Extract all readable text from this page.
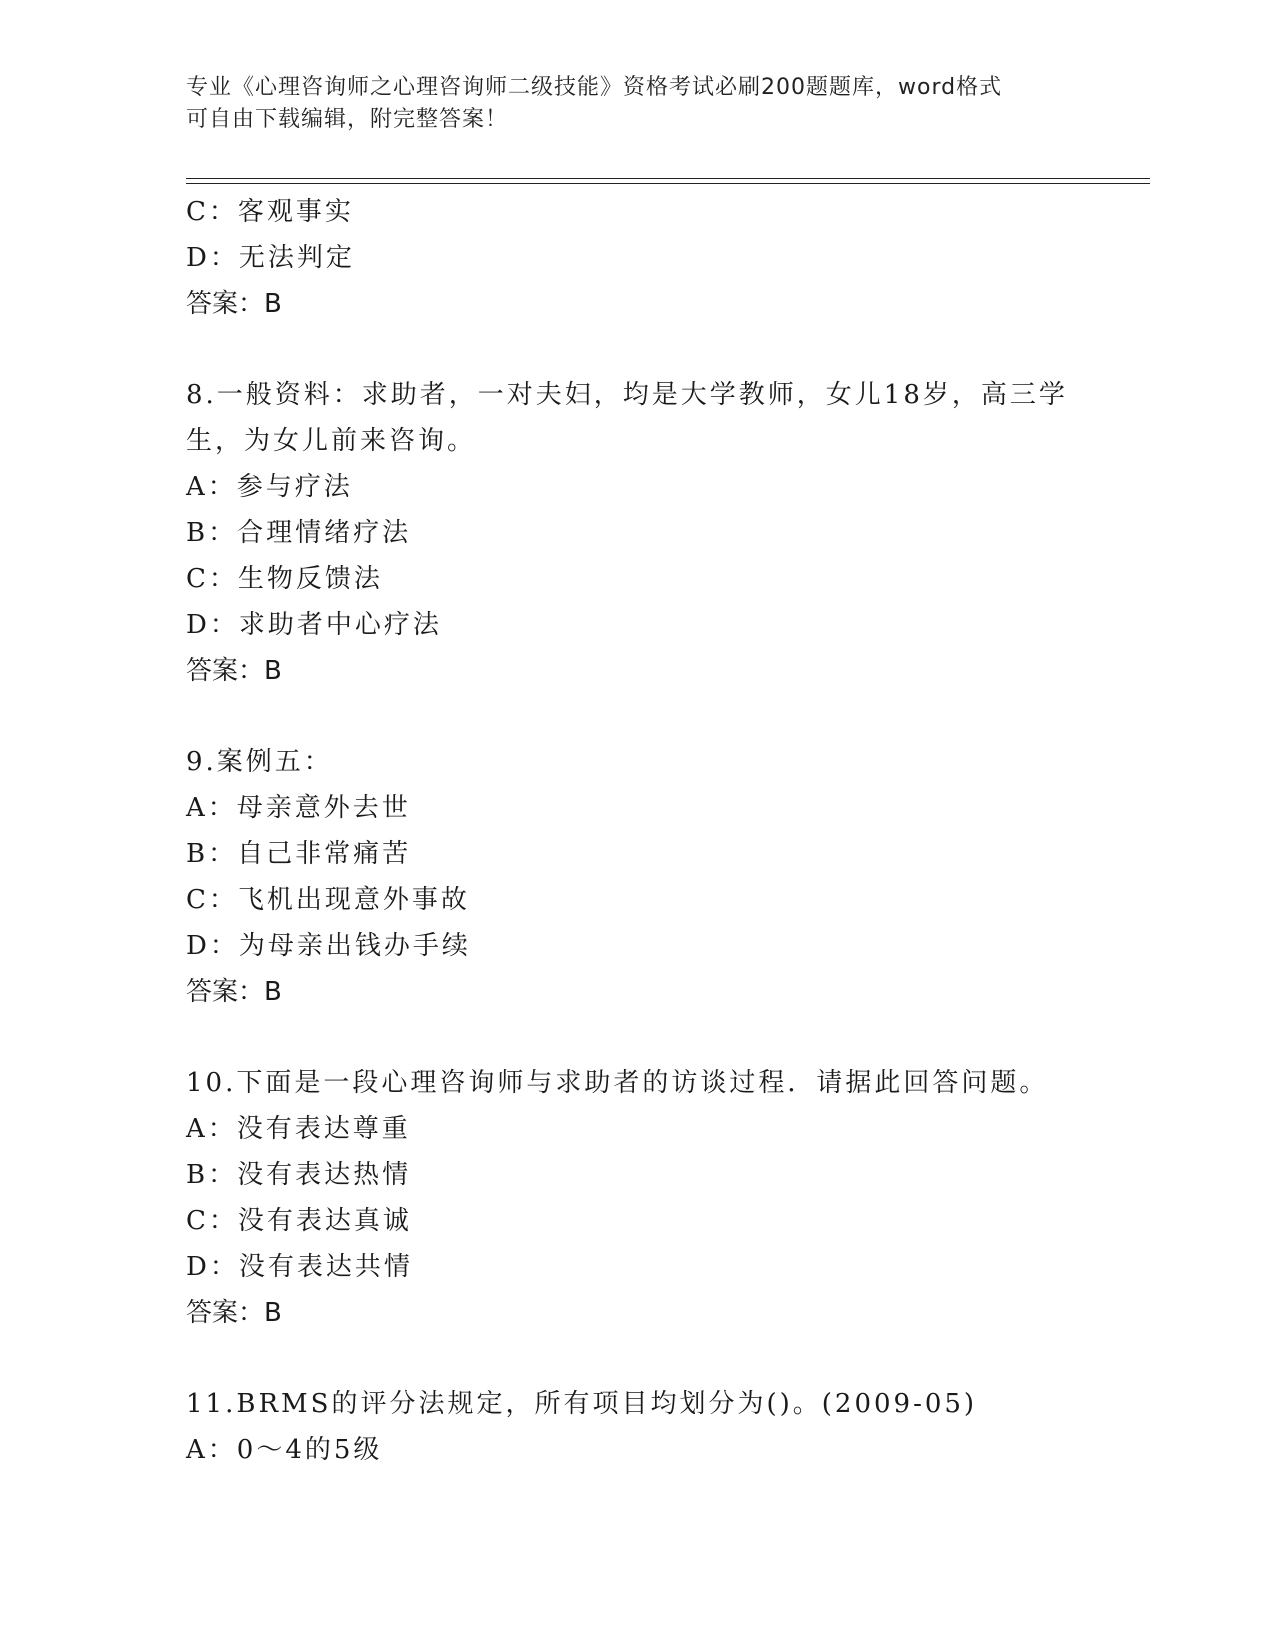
专业《心理咨询师之心理咨询师二级技能》资格考试必刷200题题库，word格式
可自由下载编辑，附完整答案！
C：客观事实
D：无法判定
答案：B
8.一般资料：求助者，一对夫妇，均是大学教师，女儿18岁，高三学
生，为女儿前来咨询。
A：参与疗法
B：合理情绪疗法
C：生物反馈法
D：求助者中心疗法
答案：B
9.案例五：
A：母亲意外去世
B：自己非常痛苦
C：飞机出现意外事故
D：为母亲出钱办手续
答案：B
10.下面是一段心理咨询师与求助者的访谈过程．请据此回答问题。
A：没有表达尊重
B：没有表达热情
C：没有表达真诚
D：没有表达共情
答案：B
11.BRMS的评分法规定，所有项目均划分为()。(2009-05)
A：0～4的5级
